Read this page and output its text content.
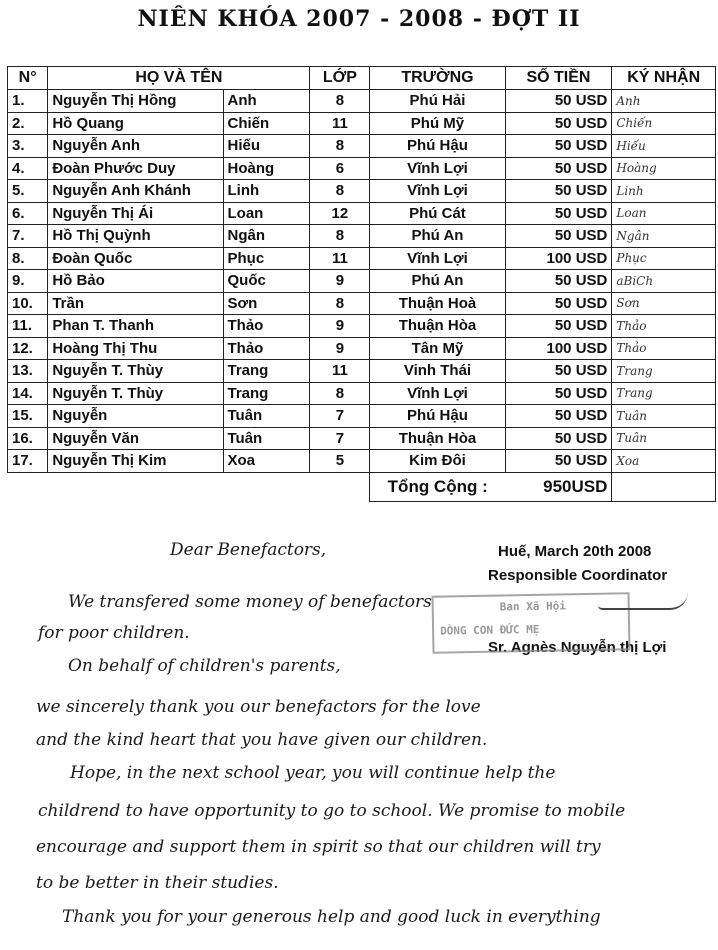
NIÊN KHÓA 2007 - 2008 - ĐỢT II
N°	HỌ VÀ TÊN		LỚP	TRƯỜNG	SỐ TIỀN	KÝ NHẬN
1.	Nguyễn Thị Hồng	Anh	8	Phú Hải	50 USD	Anh
2.	Hồ Quang	Chiến	11	Phú Mỹ	50 USD	Chiến
3.	Nguyễn Anh	Hiếu	8	Phú Hậu	50 USD	Hiếu
4.	Đoàn Phước Duy	Hoàng	6	Vĩnh Lợi	50 USD	Hoàng
5.	Nguyễn Anh Khánh	Linh	8	Vĩnh Lợi	50 USD	Linh
6.	Nguyễn Thị Ái	Loan	12	Phú Cát	50 USD	Loan
7.	Hồ Thị Quỳnh	Ngân	8	Phú An	50 USD	Ngân
8.	Đoàn Quốc	Phục	11	Vĩnh Lợi	100 USD	Phục
9.	Hồ Bảo	Quốc	9	Phú An	50 USD	aBiCh
10.	Trần	Sơn	8	Thuận Hoà	50 USD	Sơn
11.	Phan T. Thanh	Thảo	9	Thuận Hòa	50 USD	Thảo
12.	Hoàng Thị Thu	Thảo	9	Tân Mỹ	100 USD	Thảo
13.	Nguyễn T. Thùy	Trang	11	Vinh Thái	50 USD	Trang
14.	Nguyễn T. Thùy	Trang	8	Vĩnh Lợi	50 USD	Trang
15.	Nguyễn	Tuân	7	Phú Hậu	50 USD	Tuân
16.	Nguyễn Văn	Tuân	7	Thuận Hòa	50 USD	Tuân
17.	Nguyễn Thị Kim	Xoa	5	Kim Đôi	50 USD	Xoa
				Tổng Cộng :	950USD	
Huế, March 20th 2008
Responsible Coordinator
Sr. Agnès Nguyễn thị Lợi
Ban Xã Hội
DÒNG CON ĐỨC MẸ
Dear Benefactors,
We transfered some money of benefactors
for poor children.
On behalf of children's parents,
we sincerely thank you our benefactors for the love
and the kind heart that you have given our children.
Hope, in the next school year, you will continue help the
childrend to have opportunity to go to school. We promise to mobile
encourage and support them in spirit so that our children will try
to be better in their studies.
Thank you for your generous help and good luck in everything
